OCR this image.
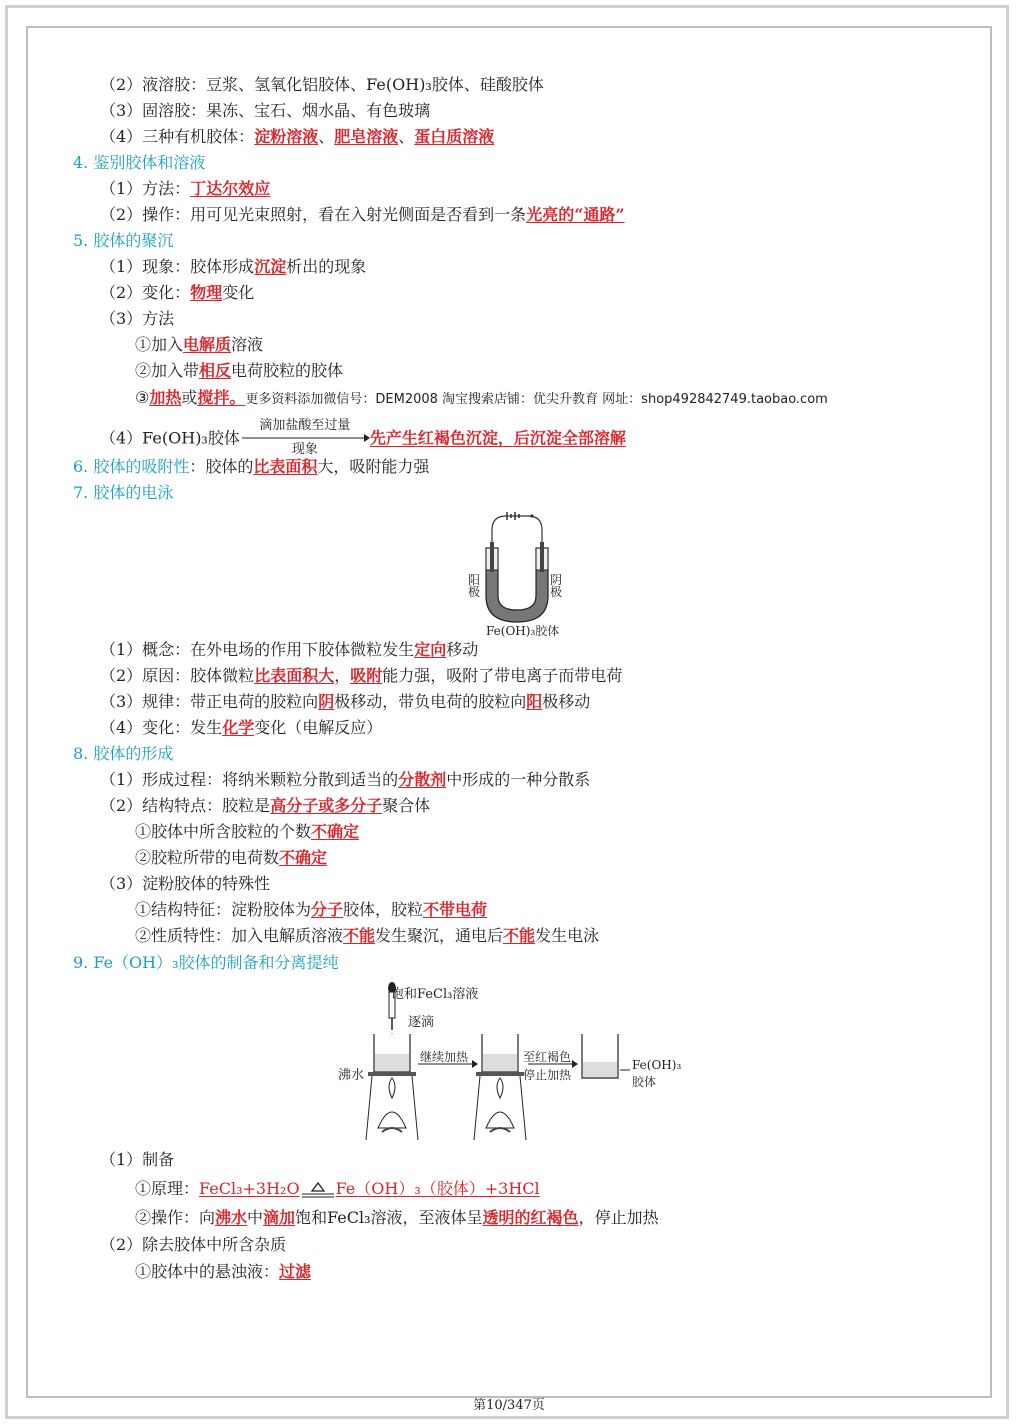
（2）液溶胶：豆浆、氢氧化铝胶体、Fe(OH)₃胶体、硅酸胶体
（3）固溶胶：果冻、宝石、烟水晶、有色玻璃
（4）三种有机胶体：淀粉溶液、肥皂溶液、蛋白质溶液
4. 鉴别胶体和溶液
（1）方法：丁达尔效应
（2）操作：用可见光束照射，看在入射光侧面是否看到一条光亮的“通路”
5. 胶体的聚沉
（1）现象：胶体形成沉淀析出的现象
（2）变化：物理变化
（3）方法
①加入电解质溶液
②加入带相反电荷胶粒的胶体
③加热或搅拌。更多资料添加微信号：DEM2008 淘宝搜索店铺：优尖升教育 网址：shop492842749.taobao.com
（4）Fe(OH)₃胶体
滴加盐酸至过量
现象
先产生红褐色沉淀，后沉淀全部溶解
6. 胶体的吸附性：胶体的比表面积大，吸附能力强
7. 胶体的电泳
阳极
阴极
Fe(OH)₃胶体
（1）概念：在外电场的作用下胶体微粒发生定向移动
（2）原因：胶体微粒比表面积大，吸附能力强，吸附了带电离子而带电荷
（3）规律：带正电荷的胶粒向阴极移动，带负电荷的胶粒向阳极移动
（4）变化：发生化学变化（电解反应）
8. 胶体的形成
（1）形成过程：将纳米颗粒分散到适当的分散剂中形成的一种分散系
（2）结构特点：胶粒是高分子或多分子聚合体
①胶体中所含胶粒的个数不确定
②胶粒所带的电荷数不确定
（3）淀粉胶体的特殊性
①结构特征：淀粉胶体为分子胶体，胶粒不带电荷
②性质特性：加入电解质溶液不能发生聚沉，通电后不能发生电泳
9. Fe（OH）₃胶体的制备和分离提纯
饱和FeCl₃溶液
逐滴
沸水
继续加热	至红褐色
停止加热
Fe(OH)₃
胶体
（1）制备
①原理：FeCl₃+3H₂O Fe（OH）₃（胶体）+3HCl
②操作：向沸水中滴加饱和FeCl₃溶液，至液体呈透明的红褐色，停止加热
（2）除去胶体中所含杂质
①胶体中的悬浊液：过滤
第10/347页
